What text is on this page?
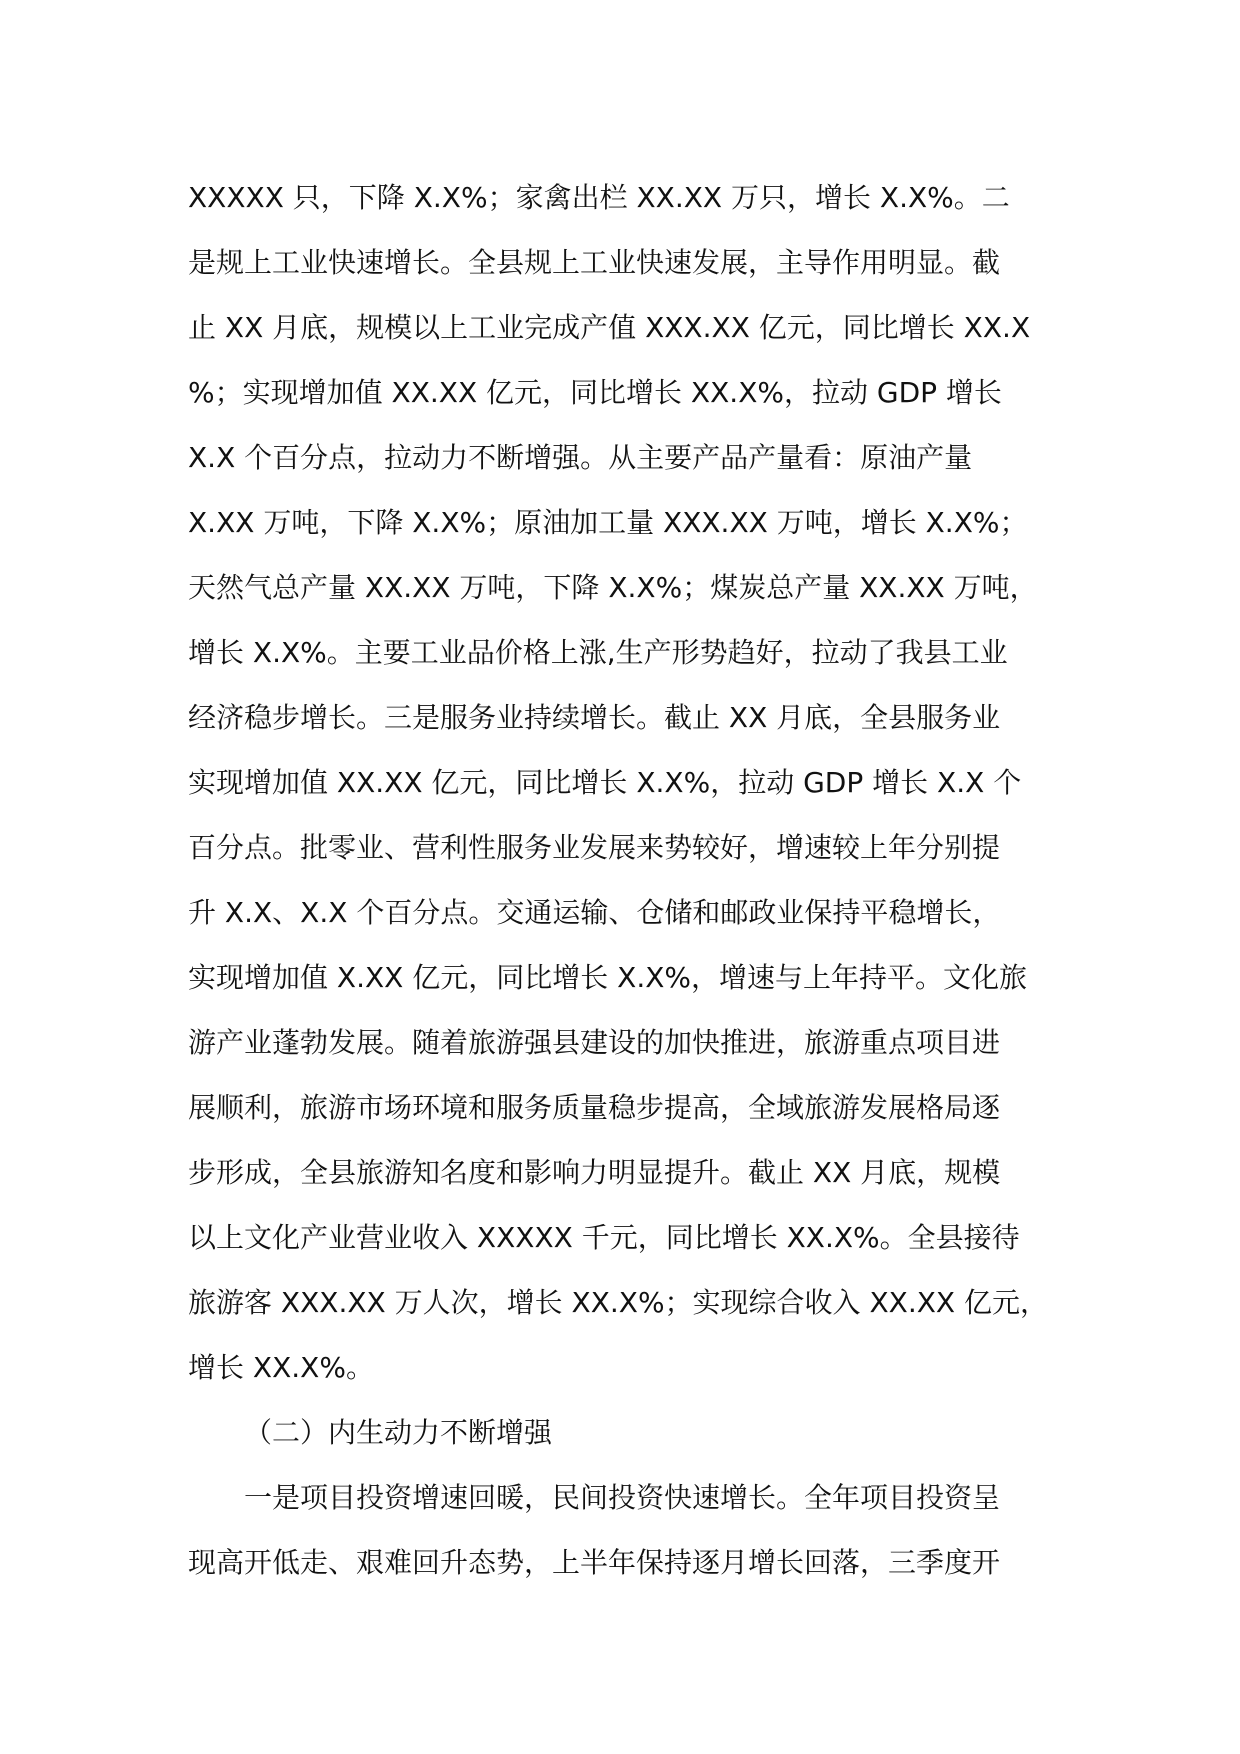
XXXXX 只，下降 X.X%；家禽出栏 XX.XX 万只，增长 X.X%。二
是规上工业快速增长。全县规上工业快速发展，主导作用明显。截
止 XX 月底，规模以上工业完成产值 XXX.XX 亿元，同比增长 XX.X
%；实现增加值 XX.XX 亿元，同比增长 XX.X%，拉动 GDP 增长
X.X 个百分点，拉动力不断增强。从主要产品产量看：原油产量
X.XX 万吨，下降 X.X%；原油加工量 XXX.XX 万吨，增长 X.X%；
天然气总产量 XX.XX 万吨，下降 X.X%；煤炭总产量 XX.XX 万吨，
增长 X.X%。主要工业品价格上涨,生产形势趋好，拉动了我县工业
经济稳步增长。三是服务业持续增长。截止 XX 月底，全县服务业
实现增加值 XX.XX 亿元，同比增长 X.X%，拉动 GDP 增长 X.X 个
百分点。批零业、营利性服务业发展来势较好，增速较上年分别提
升 X.X、X.X 个百分点。交通运输、仓储和邮政业保持平稳增长，
实现增加值 X.XX 亿元，同比增长 X.X%，增速与上年持平。文化旅
游产业蓬勃发展。随着旅游强县建设的加快推进，旅游重点项目进
展顺利，旅游市场环境和服务质量稳步提高，全域旅游发展格局逐
步形成，全县旅游知名度和影响力明显提升。截止 XX 月底，规模
以上文化产业营业收入 XXXXX 千元，同比增长 XX.X%。全县接待
旅游客 XXX.XX 万人次，增长 XX.X%；实现综合收入 XX.XX 亿元，
增长 XX.X%。
（二）内生动力不断增强
一是项目投资增速回暖，民间投资快速增长。全年项目投资呈
现高开低走、艰难回升态势，上半年保持逐月增长回落，三季度开
